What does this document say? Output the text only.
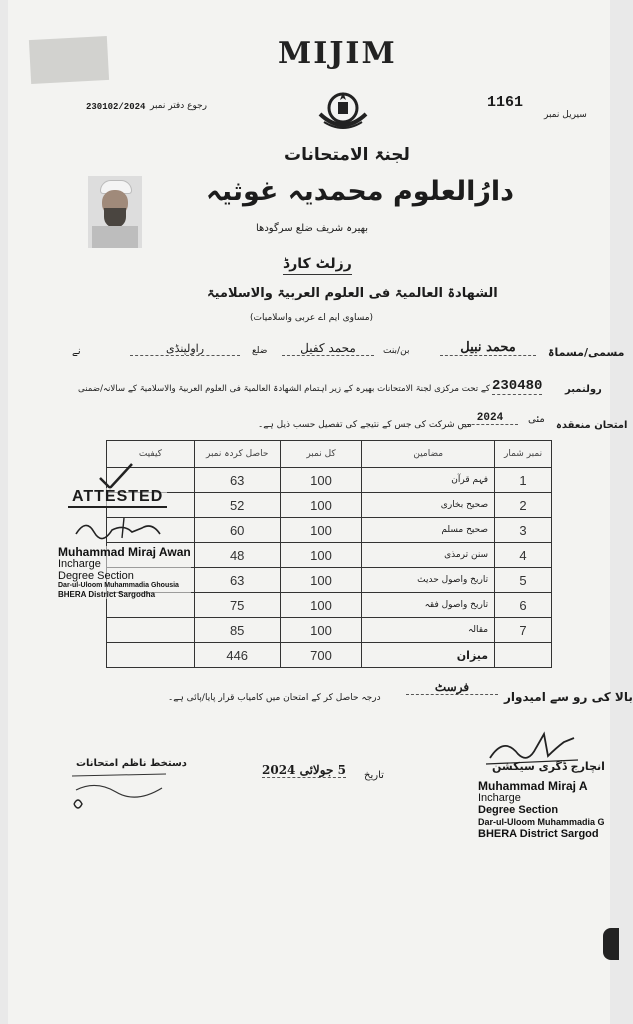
MIJIM
230102/2024 رجوع دفتر نمبر	1161
سیریل نمبر
لجنۃ الامتحانات
دارُالعلوم محمدیہ غوثیہ
بھیرہ شریف ضلع سرگودھا
رزلٹ کارڈ
الشھادۃ العالمیۃ فی العلوم العربیۃ والاسلامیۃ
(مساوی ایم اے عربی واسلامیات)
مسمی/مسماۃ
محمد نبیل
بن/بنت
محمد کفیل
ضلع
راولپنڈی
نے
رولنمبر
230480
کے تحت مرکزی لجنۃ الامتحانات بھیرہ کے زیر اہتمام الشھادۃ العالمیۃ فی العلوم العربیۃ والاسلامیۃ کے سالانہ/ضمنی
امتحان منعقدہ
مئی
2024
میں شرکت کی جس کے نتیجے کی تفصیل حسب ذیل ہے۔
کیفیت	حاصل کردہ نمبر	کل نمبر	مضامین	نمبر شمار
	63	100	فہم قرآن	1
	52	100	صحیح بخاری	2
	60	100	صحیح مسلم	3
	48	100	سنن ترمذی	4
	63	100	تاریخ واصول حدیث	5
	75	100	تاریخ واصول فقہ	6
	85	100	مقالہ	7
	446	700	میزان	
ATTESTED
Muhammad Miraj Awan
Incharge
Degree Section
Dar-ul-Uloom Muhammadia Ghousia
BHERA District Sargodha
بالا کی رو سے امیدوار
فرسٹ
درجہ حاصل کر کے امتحان میں کامیاب قرار پایا/پائی ہے۔
دستخط ناظم امتحانات
تاریخ
5 جولائی 2024	انچارج ڈگری سیکشن
Muhammad Miraj A
Incharge
Degree Section
Dar-ul-Uloom Muhammadia G
BHERA District Sargod
